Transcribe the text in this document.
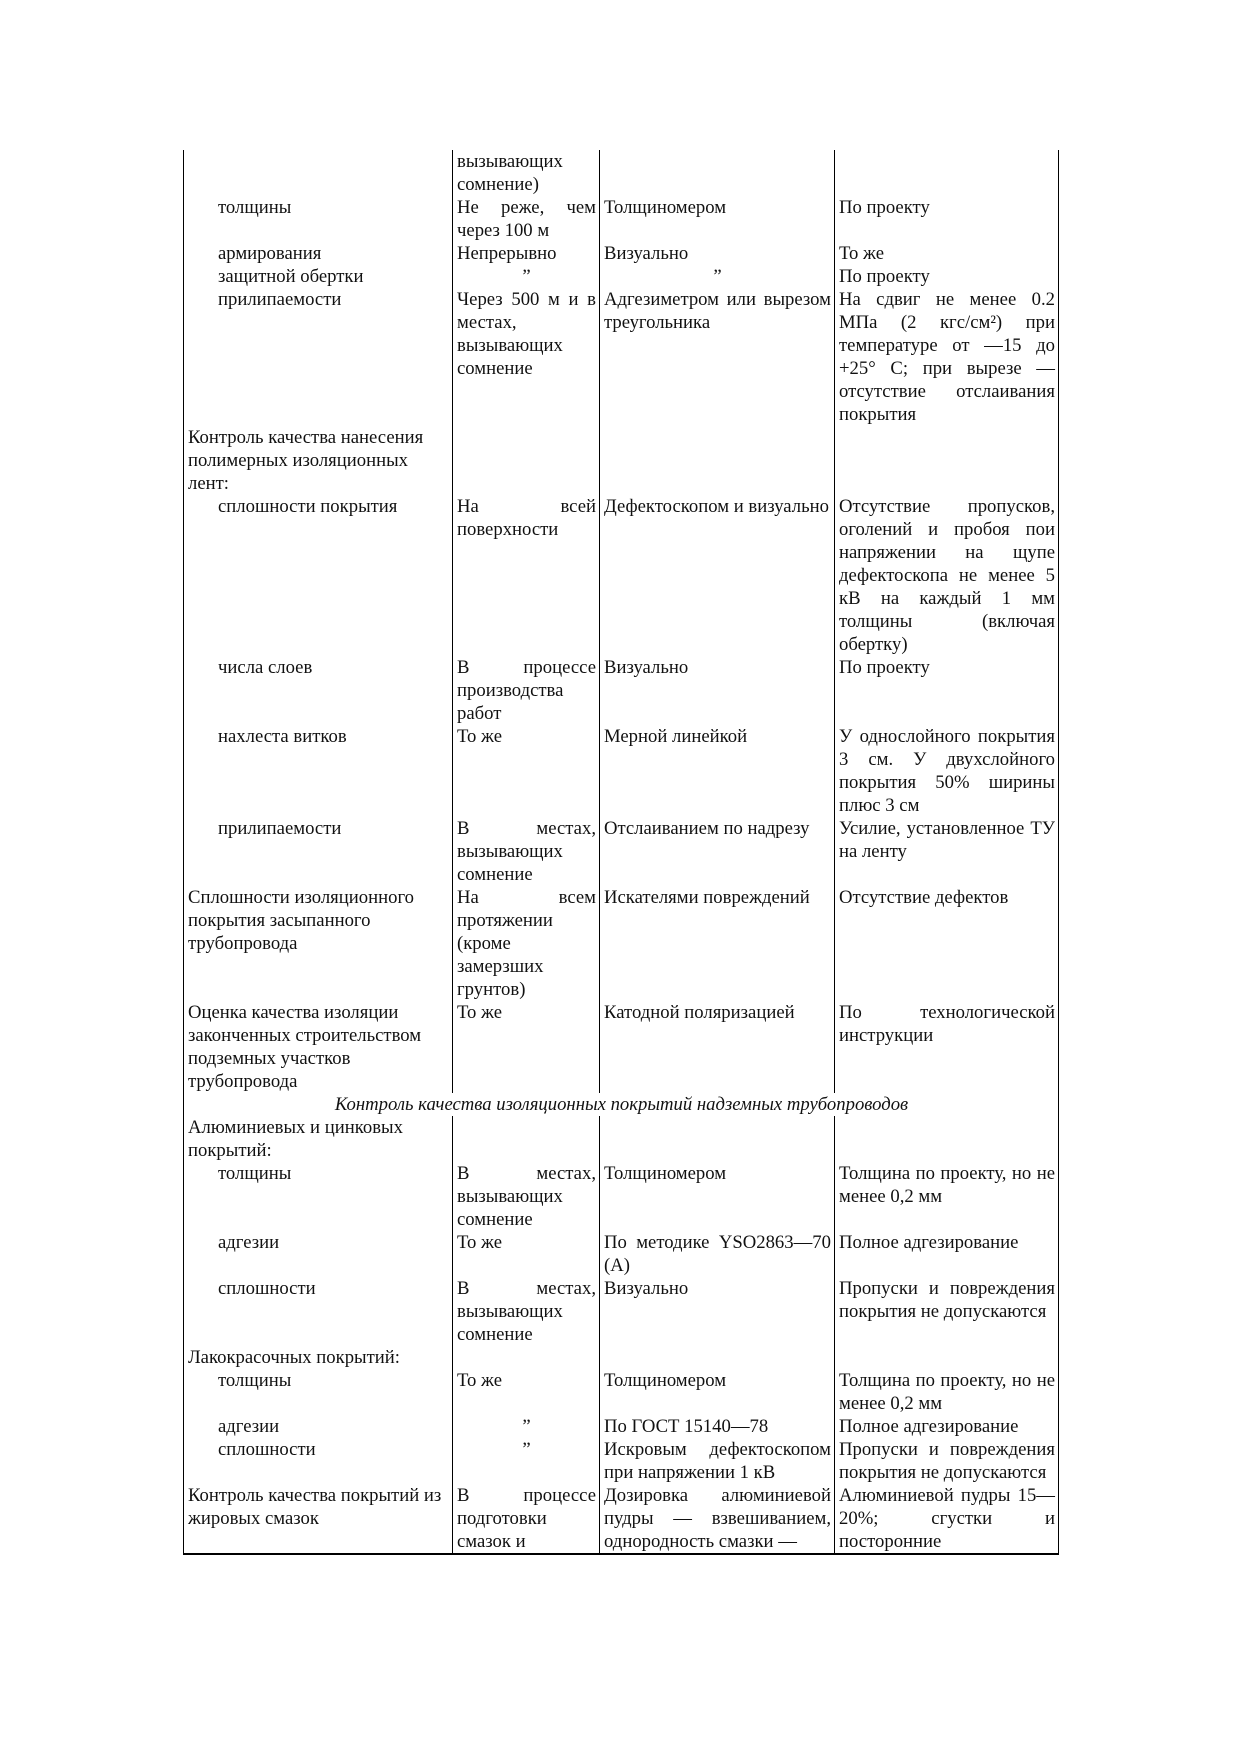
	вызывающих сомнение)		
толщины	Не реже, чем через 100 м	Толщиномером	По проекту
армирования	Непрерывно	Визуально	То же
защитной обертки	”	”	По проекту
прилипаемости	Через 500 м и в местах, вызывающих сомнение	Адгезиметром или вырезом треугольника	На сдвиг не менее 0.2 МПа (2 кгс/см²) при температуре от —15 до +25° С; при вырезе — отсутствие отслаивания покрытия
Контроль качества нанесения полимерных изоляционных лент:			
сплошности покрытия	На всей поверхности	Дефектоскопом и визуально	Отсутствие пропусков, оголений и пробоя пои напряжении на щупе дефектоскопа не менее 5 кВ на каждый 1 мм толщины (включая обертку)
числа слоев	В процессе производства работ	Визуально	По проекту
нахлеста витков	То же	Мерной линейкой	У однослойного покрытия 3 см. У двухслойного покрытия 50% ширины плюс 3 см
прилипаемости	В местах, вызывающих сомнение	Отслаиванием по надрезу	Усилие, установленное ТУ на ленту
Сплошности изоляционного покрытия засыпанного трубопровода	На всем протяжении (кроме замерзших грунтов)	Искателями повреждений	Отсутствие дефектов
Оценка качества изоляции законченных строительством подземных участков трубопровода	То же	Катодной поляризацией	По технологической инструкции
Контроль качества изоляционных покрытий надземных трубопроводов			
Алюминиевых и цинковых покрытий:			
толщины	В местах, вызывающих сомнение	Толщиномером	Толщина по проекту, но не менее 0,2 мм
адгезии	То же	По методике YSO2863—70 (А)	Полное адгезирование
сплошности	В местах, вызывающих сомнение	Визуально	Пропуски и повреждения покрытия не допускаются
Лакокрасочных покрытий:			
толщины	То же	Толщиномером	Толщина по проекту, но не менее 0,2 мм
адгезии	”	По ГОСТ 15140—78	Полное адгезирование
сплошности	”	Искровым дефектоскопом при напряжении 1 кВ	Пропуски и повреждения покрытия не допускаются
Контроль качества покрытий из жировых смазок	В процессе подготовки смазок и	Дозировка алюминиевой пудры — взвешиванием, однородность смазки —	Алюминиевой пудры 15—20%; сгустки и посторонние
